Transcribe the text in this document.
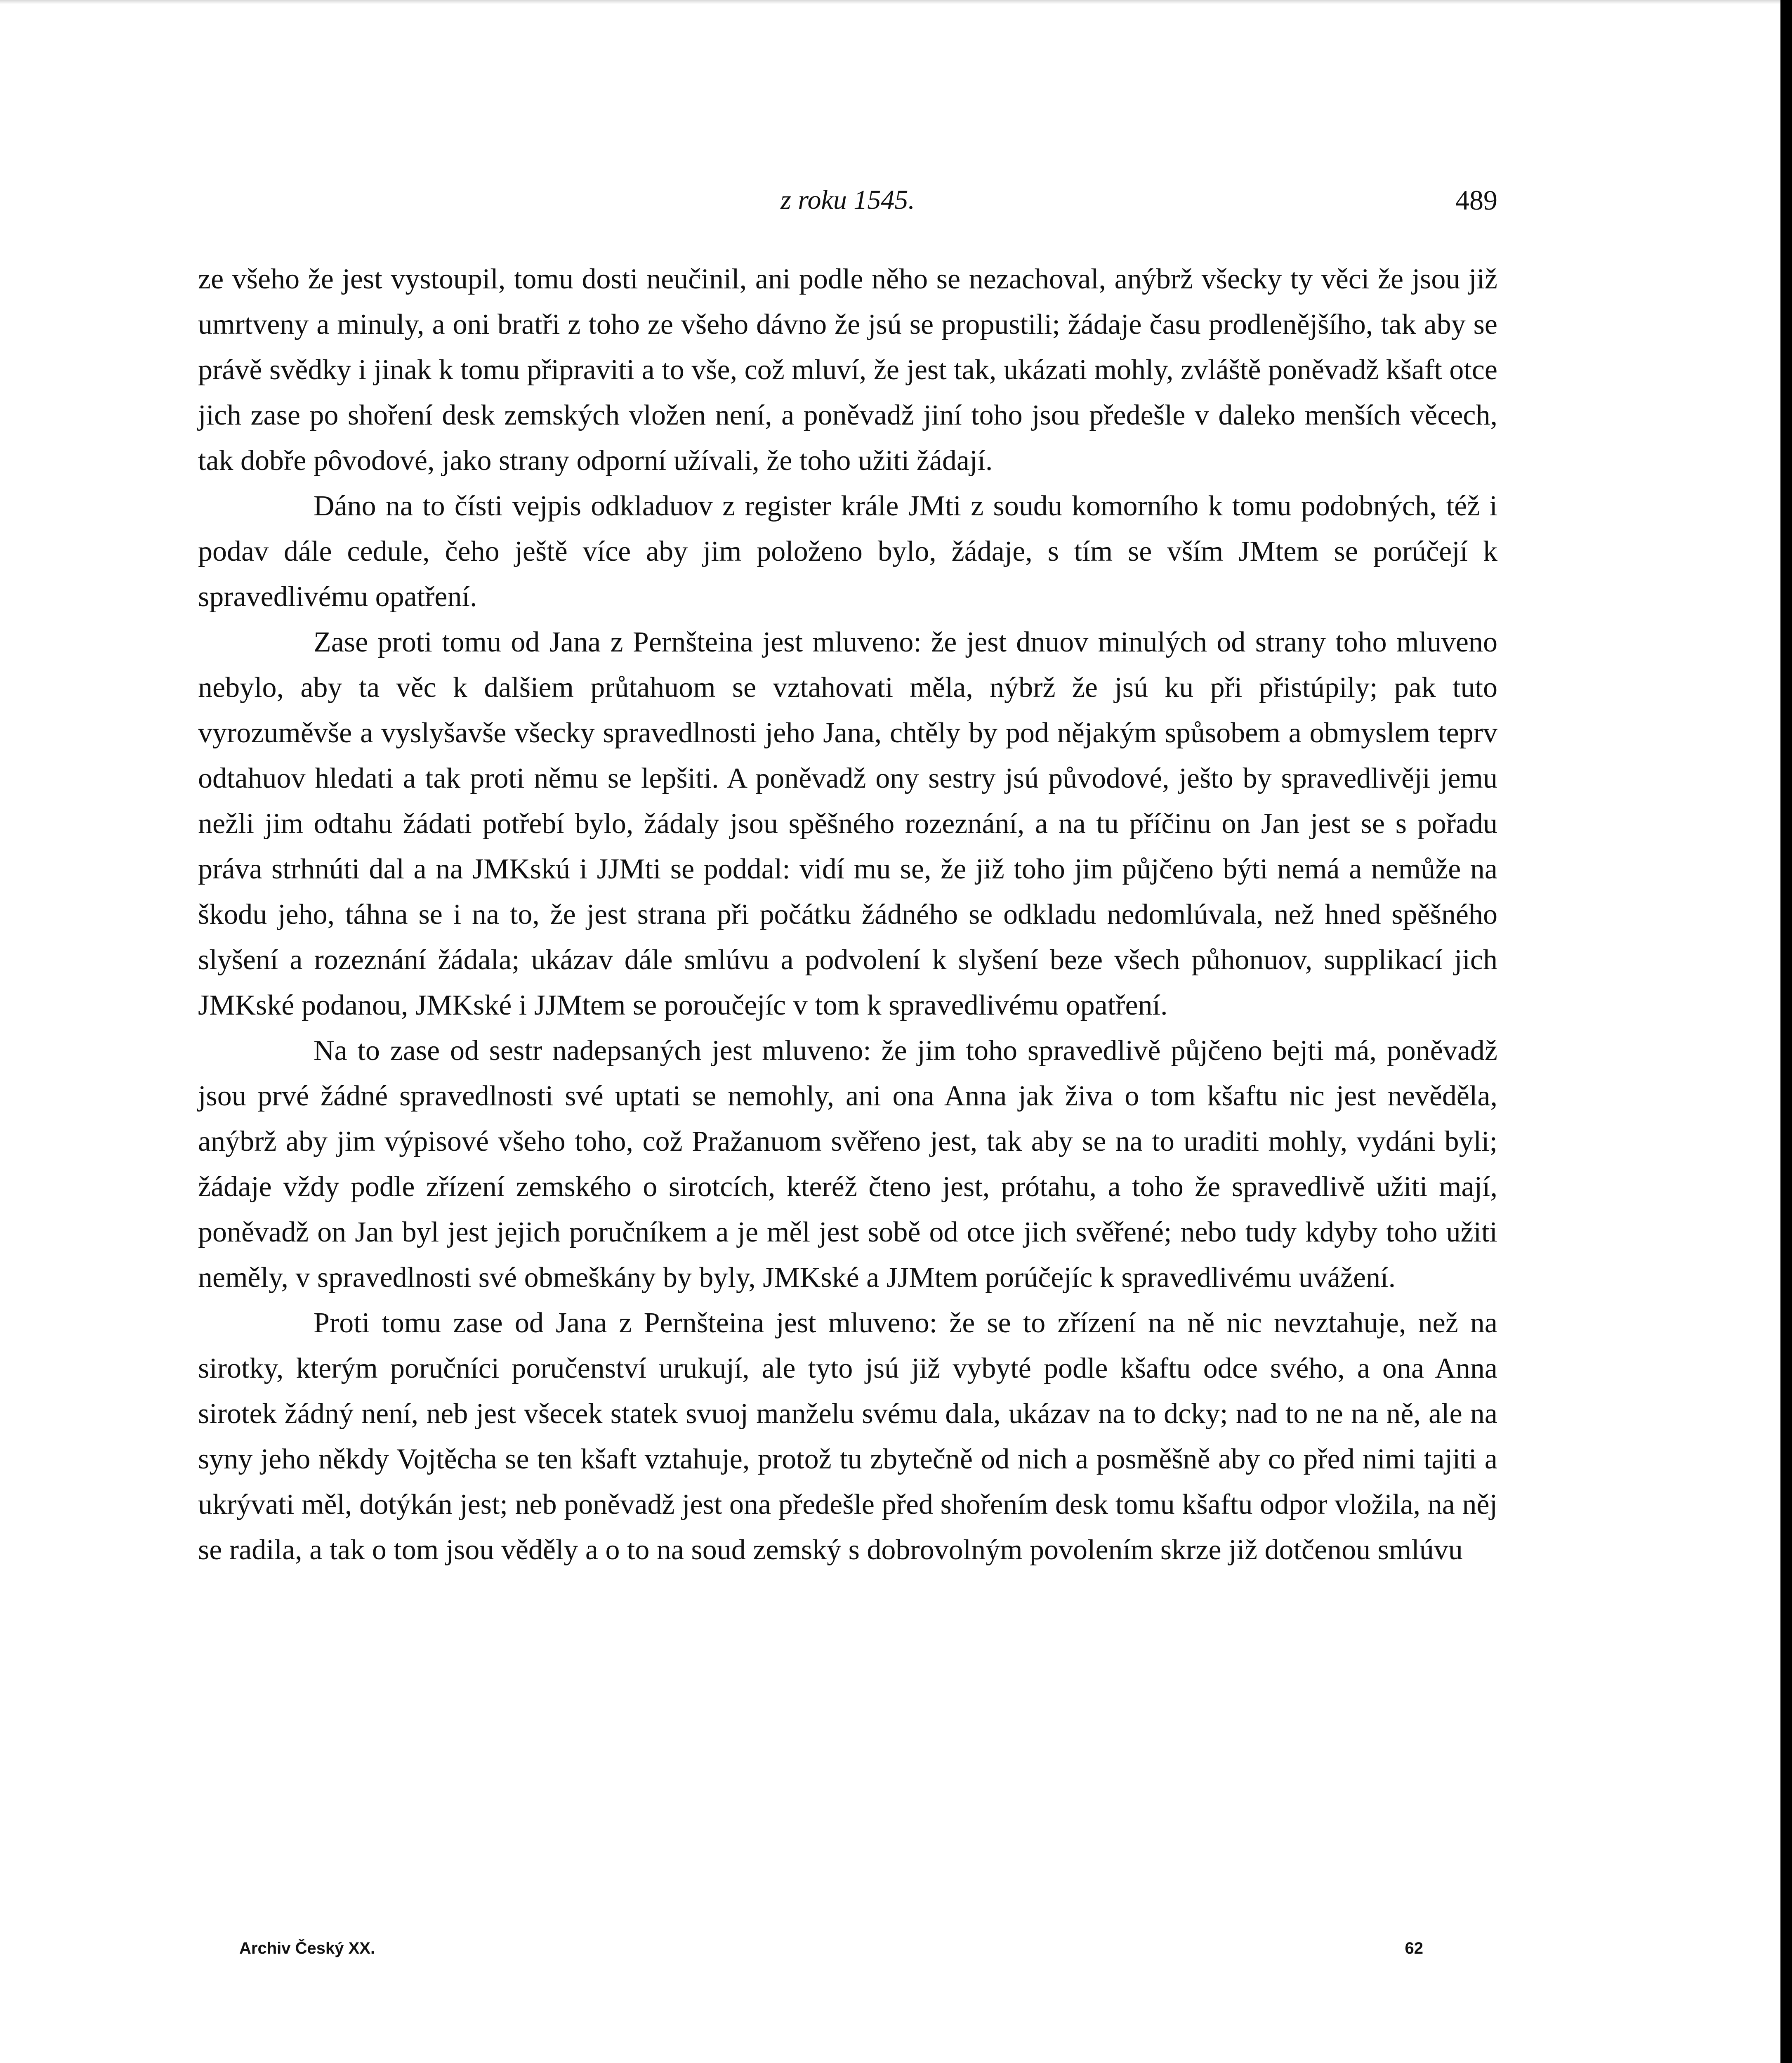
z roku 1545.	489

ze všeho že jest vystoupil, tomu dosti neučinil, ani podle něho se nezachoval, anýbrž všecky ty věci že jsou již umrtveny a minuly, a oni bratři z toho ze všeho dávno že jsú se propustili; žádaje času prodlenějšího, tak aby se právě svědky i jinak k tomu připraviti a to vše, což mluví, že jest tak, ukázati mohly, zvláště poněvadž kšaft otce jich zase po shoření desk zemských vložen není, a poněvadž jiní toho jsou předešle v daleko menších věcech, tak dobře pôvodové, jako strany odporní užívali, že toho užiti žádají.

Dáno na to čísti vejpis odkladuov z register krále JMti z soudu komorního k tomu podobných, též i podav dále cedule, čeho ještě více aby jim položeno bylo, žádaje, s tím se vším JMtem se porúčejí k spravedlivému opatření.

Zase proti tomu od Jana z Pernšteina jest mluveno: že jest dnuov minulých od strany toho mluveno nebylo, aby ta věc k dalšiem průtahuom se vztahovati měla, nýbrž že jsú ku při přistúpily; pak tuto vyrozuměvše a vyslyšavše všecky spravedlnosti jeho Jana, chtěly by pod nějakým spůsobem a obmyslem teprv odtahuov hledati a tak proti němu se lepšiti. A poněvadž ony sestry jsú původové, ješto by spravedlivěji jemu nežli jim odtahu žádati potřebí bylo, žádaly jsou spěšného rozeznání, a na tu příčinu on Jan jest se s pořadu práva strhnúti dal a na JMKskú i JJMti se poddal: vidí mu se, že již toho jim půjčeno býti nemá a nemůže na škodu jeho, táhna se i na to, že jest strana při počátku žádného se odkladu nedomlúvala, než hned spěšného slyšení a rozeznání žádala; ukázav dále smlúvu a podvolení k slyšení beze všech půhonuov, supplikací jich JMKské podanou, JMKské i JJMtem se poroučejíc v tom k spravedlivému opatření.

Na to zase od sestr nadepsaných jest mluveno: že jim toho spravedlivě půjčeno bejti má, poněvadž jsou prvé žádné spravedlnosti své uptati se nemohly, ani ona Anna jak živa o tom kšaftu nic jest nevěděla, anýbrž aby jim výpisové všeho toho, což Pražanuom svěřeno jest, tak aby se na to uraditi mohly, vydáni byli; žádaje vždy podle zřízení zemského o sirotcích, kteréž čteno jest, prótahu, a toho že spravedlivě užiti mají, poněvadž on Jan byl jest jejich poručníkem a je měl jest sobě od otce jich svěřené; nebo tudy kdyby toho užiti neměly, v spravedlnosti své obmeškány by byly, JMKské a JJMtem porúčejíc k spravedlivému uvážení.

Proti tomu zase od Jana z Pernšteina jest mluveno: že se to zřízení na ně nic nevztahuje, než na sirotky, kterým poručníci poručenství urukují, ale tyto jsú již vybyté podle kšaftu odce svého, a ona Anna sirotek žádný není, neb jest všecek statek svuoj manželu svému dala, ukázav na to dcky; nad to ne na ně, ale na syny jeho někdy Vojtěcha se ten kšaft vztahuje, protož tu zbytečně od nich a posměšně aby co před nimi tajiti a ukrývati měl, dotýkán jest; neb poněvadž jest ona předešle před shořením desk tomu kšaftu odpor vložila, na něj se radila, a tak o tom jsou věděly a o to na soud zemský s dobrovolným povolením skrze již dotčenou smlúvu

Archiv Český XX.	62
